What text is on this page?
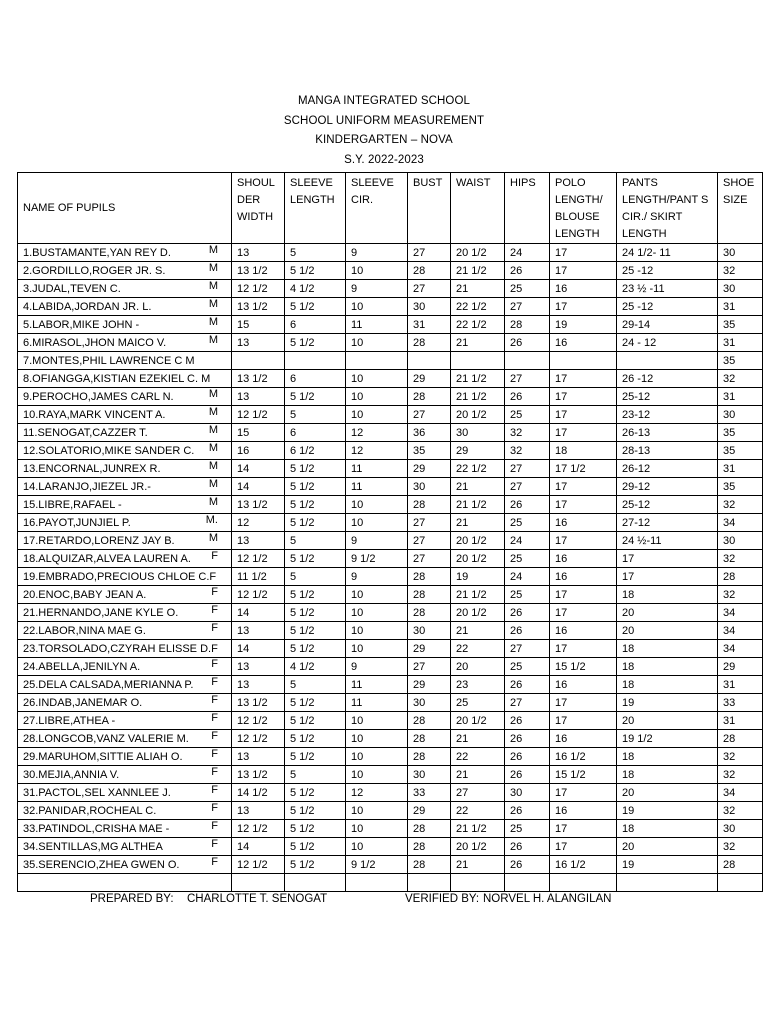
MANGA INTEGRATED SCHOOL
SCHOOL UNIFORM MEASUREMENT
KINDERGARTEN – NOVA
S.Y. 2022-2023
NAME OF PUPILS	SHOUL DER WIDTH	SLEEVE LENGTH	SLEEVE CIR.	BUST	WAIST	HIPS	POLO LENGTH/ BLOUSE LENGTH	PANTS LENGTH/PANT S CIR./ SKIRT LENGTH	SHOE SIZE
1.BUSTAMANTE,YAN REY D. M	13	5	9	27	20 1/2	24	17	24 1/2- 11	30
2.GORDILLO,ROGER JR. S. M	13 1/2	5 1/2	10	28	21 1/2	26	17	25 -12	32
3.JUDAL,TEVEN C. M	12 1/2	4 1/2	9	27	21	25	16	23 ½ -11	30
4.LABIDA,JORDAN JR. L. M	13 1/2	5 1/2	10	30	22 1/2	27	17	25 -12	31
5.LABOR,MIKE JOHN - M	15	6	11	31	22 1/2	28	19	29-14	35
6.MIRASOL,JHON MAICO V. M	13	5 1/2	10	28	21	26	16	24 - 12	31
7.MONTES,PHIL LAWRENCE C M									35
8.OFIANGGA,KISTIAN EZEKIEL C. M	13 1/2	6	10	29	21 1/2	27	17	26 -12	32
9.PEROCHO,JAMES CARL N. M	13	5 1/2	10	28	21 1/2	26	17	25-12	31
10.RAYA,MARK VINCENT A. M	12 1/2	5	10	27	20 1/2	25	17	23-12	30
11.SENOGAT,CAZZER T. M	15	6	12	36	30	32	17	26-13	35
12.SOLATORIO,MIKE SANDER C. M	16	6 1/2	12	35	29	32	18	28-13	35
13.ENCORNAL,JUNREX R. M	14	5 1/2	11	29	22 1/2	27	17 1/2	26-12	31
14.LARANJO,JIEZEL JR.- M	14	5 1/2	11	30	21	27	17	29-12	35
15.LIBRE,RAFAEL - M	13 1/2	5 1/2	10	28	21 1/2	26	17	25-12	32
16.PAYOT,JUNJIEL P. M.	12	5 1/2	10	27	21	25	16	27-12	34
17.RETARDO,LORENZ JAY B. M	13	5	9	27	20 1/2	24	17	24 ½-11	30
18.ALQUIZAR,ALVEA LAUREN A. F	12 1/2	5 1/2	9 1/2	27	20 1/2	25	16	17	32
19.EMBRADO,PRECIOUS CHLOE C.F	11 1/2	5	9	28	19	24	16	17	28
20.ENOC,BABY JEAN A. F	12 1/2	5 1/2	10	28	21 1/2	25	17	18	32
21.HERNANDO,JANE KYLE O. F	14	5 1/2	10	28	20 1/2	26	17	20	34
22.LABOR,NINA MAE G. F	13	5 1/2	10	30	21	26	16	20	34
23.TORSOLADO,CZYRAH ELISSE D.F	14	5 1/2	10	29	22	27	17	18	34
24.ABELLA,JENILYN A. F	13	4 1/2	9	27	20	25	15 1/2	18	29
25.DELA CALSADA,MERIANNA P. F	13	5	11	29	23	26	16	18	31
26.INDAB,JANEMAR O. F	13 1/2	5 1/2	11	30	25	27	17	19	33
27.LIBRE,ATHEA - F	12 1/2	5 1/2	10	28	20 1/2	26	17	20	31
28.LONGCOB,VANZ VALERIE M. F	12 1/2	5 1/2	10	28	21	26	16	19 1/2	28
29.MARUHOM,SITTIE ALIAH O. F	13	5 1/2	10	28	22	26	16 1/2	18	32
30.MEJIA,ANNIA V. F	13 1/2	5	10	30	21	26	15 1/2	18	32
31.PACTOL,SEL XANNLEE J. F	14 1/2	5 1/2	12	33	27	30	17	20	34
32.PANIDAR,ROCHEAL C. F	13	5 1/2	10	29	22	26	16	19	32
33.PATINDOL,CRISHA MAE - F	12 1/2	5 1/2	10	28	21 1/2	25	17	18	30
34.SENTILLAS,MG ALTHEA F	14	5 1/2	10	28	20 1/2	26	17	20	32
35.SERENCIO,ZHEA GWEN O. F	12 1/2	5 1/2	9 1/2	28	21	26	16 1/2	19	28

PREPARED BY:

CHARLOTTE T. SENOGAT

	VERIFIED BY:

NORVEL H. ALANGILAN
